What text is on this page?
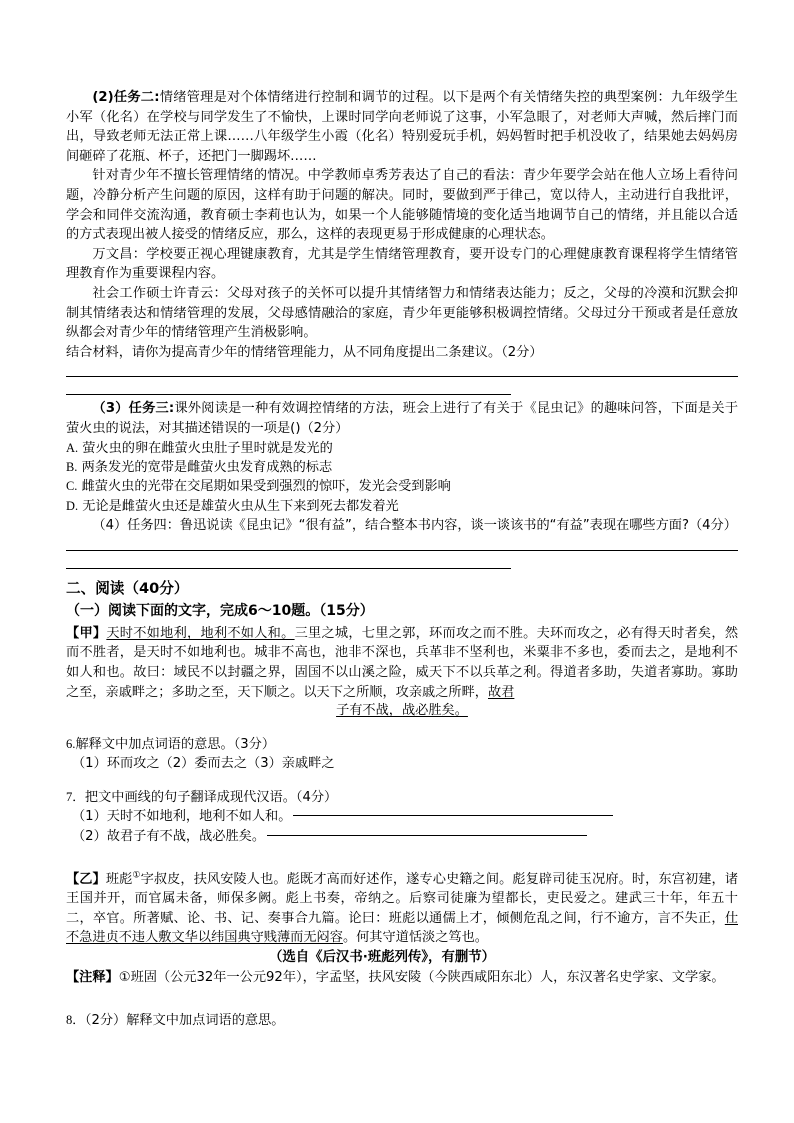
(2)任务二:情绪管理是对个体情绪进行控制和调节的过程。以下是两个有关情绪失控的典型案例：九年级学生小军（化名）在学校与同学发生了不愉快，上课时同学向老师说了这事，小军急眼了，对老师大声喊，然后摔门而出，导致老师无法正常上课……八年级学生小霞（化名）特别爱玩手机，妈妈暂时把手机没收了，结果她去妈妈房间砸碎了花瓶、杯子，还把门一脚踢坏……

针对青少年不擅长管理情绪的情况。中学教师卓秀芳表达了自己的看法：青少年要学会站在他人立场上看待问题，冷静分析产生问题的原因，这样有助于问题的解决。同时，要做到严于律己，宽以待人，主动进行自我批评，学会和同伴交流沟通，教育硕士李莉也认为，如果一个人能够随情境的变化适当地调节自己的情绪，并且能以合适的方式表现出被人接受的情绪反应，那么，这样的表现更易于形成健康的心理状态。

万文昌：学校要正视心理键康教育，尤其是学生情绪管理教育，要开设专门的心理健康教育课程将学生情绪管理教育作为重要课程内容。

社会工作硕士许青云：父母对孩子的关怀可以提升其情绪智力和情绪表达能力；反之，父母的冷漠和沉默会抑制其情绪表达和情绪管理的发展，父母感情融洽的家庭，青少年更能够积极调控情绪。父母过分干预或者是任意放纵都会对青少年的情绪管理产生消极影响。

结合材料，请你为提高青少年的情绪管理能力，从不同角度提出二条建议。（2分）

（3）任务三:课外阅读是一种有效调控情绪的方法，班会上进行了有关于《昆虫记》的趣味问答，下面是关于萤火虫的说法，对其描述错误的一项是()（2分）

A. 萤火虫的卵在雌萤火虫肚子里时就是发光的

B. 两条发光的宽带是雌萤火虫发育成熟的标志

C. 雌萤火虫的光带在交尾期如果受到强烈的惊吓，发光会受到影响

D. 无论是雌萤火虫还是雄萤火虫从生下来到死去都发着光

（4）任务四：鲁迅说读《昆虫记》“很有益”，结合整本书内容，谈一谈该书的“有益”表现在哪些方面?（4分）

二、阅读（40分）

（一）阅读下面的文字，完成6～10题。（15分）

【甲】天时不如地利，地利不如人和。三里之城，七里之郭，环而攻之而不胜。夫环而攻之，必有得天时者矣，然而不胜者，是天时不如地利也。城非不高也，池非不深也，兵革非不坚利也，米粟非不多也，委而去之，是地利不如人和也。故曰：域民不以封疆之界，固国不以山溪之险，威天下不以兵革之利。得道者多助，失道者寡助。寡助之至，亲戚畔之；多助之至，天下顺之。以天下之所顺，攻亲戚之所畔，故君

子有不战，战必胜矣。

6.解释文中加点词语的意思。（3分）

（1）环而攻之（2）委而去之（3）亲戚畔之

7．把文中画线的句子翻译成现代汉语。（4分）

（1）天时不如地利，地利不如人和。

（2）故君子有不战，战必胜矣。

【乙】班彪①字叔皮，扶风安陵人也。彪既才高而好述作，遂专心史籍之间。彪复辟司徒玉况府。时，东宫初建，诸王国并开，而官属未备，师保多阙。彪上书奏，帝纳之。后察司徒廉为望都长，吏民爱之。建武三十年，年五十二，卒官。所著赋、论、书、记、奏事合九篇。论曰：班彪以通儒上才，倾侧危乱之间，行不逾方，言不失正，仕不急进贞不违人敷文华以纬国典守贱薄而无闷容。何其守道恬淡之笃也。

（选自《后汉书·班彪列传》，有删节）

【注释】①班固（公元32年一公元92年），字孟坚，扶风安陵（今陕西咸阳东北）人，东汉著名史学家、文学家。

8．（2分）解释文中加点词语的意思。
